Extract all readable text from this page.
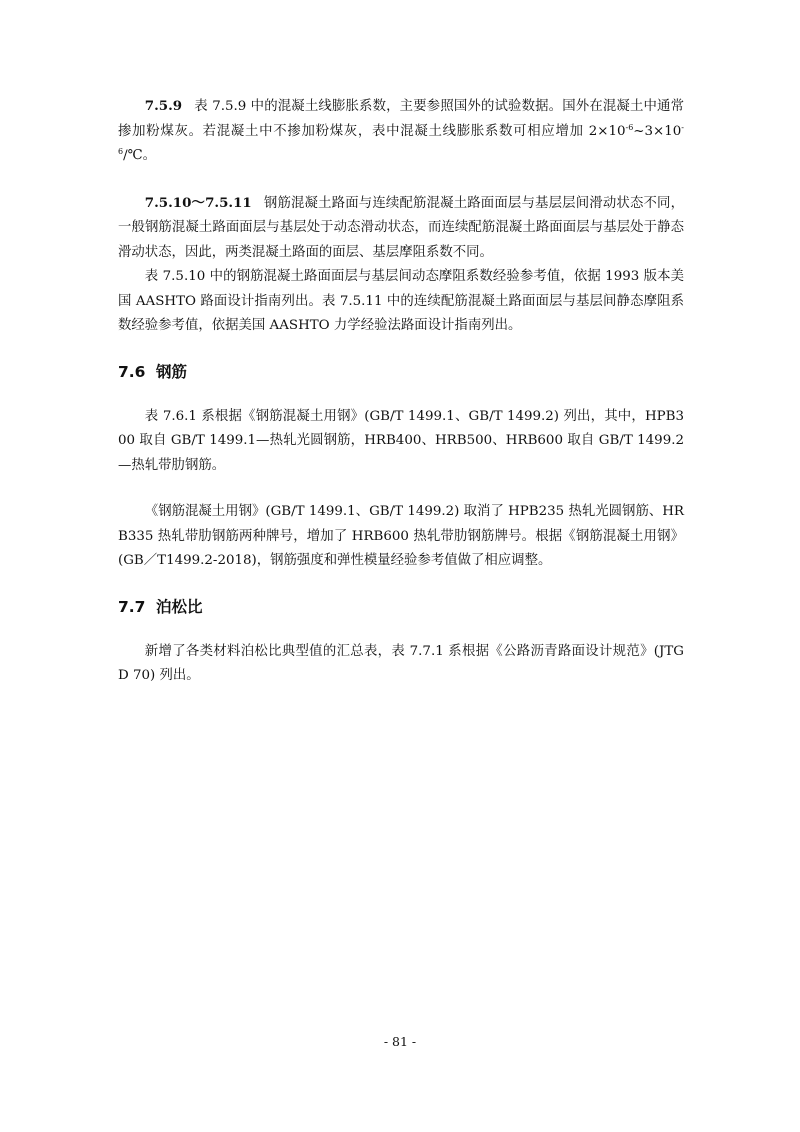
7.5.9 表 7.5.9 中的混凝土线膨胀系数，主要参照国外的试验数据。国外在混凝土中通常掺加粉煤灰。若混凝土中不掺加粉煤灰，表中混凝土线膨胀系数可相应增加 $2\times 10^{-6}\sim 3\times 10^{-6}/℃$。

7.5.10～7.5.11 钢筋混凝土路面与连续配筋混凝土路面面层与基层层间滑动状态不同，一般钢筋混凝土路面面层与基层处于动态滑动状态，而连续配筋混凝土路面面层与基层处于静态滑动状态，因此，两类混凝土路面的面层、基层摩阻系数不同。

表 7.5.10 中的钢筋混凝土路面面层与基层间动态摩阻系数经验参考值，依据 1993 版本美国 AASHTO 路面设计指南列出。表 7.5.11 中的连续配筋混凝土路面面层与基层间静态摩阻系数经验参考值，依据美国 AASHTO 力学经验法路面设计指南列出。

7.6 钢筋

表 7.6.1 系根据《钢筋混凝土用钢》(GB/T 1499.1、GB/T 1499.2) 列出，其中，HPB300 取自 GB/T 1499.1—热轧光圆钢筋，HRB400、HRB500、HRB600 取自 GB/T 1499.2—热轧带肋钢筋。

《钢筋混凝土用钢》(GB/T 1499.1、GB/T 1499.2) 取消了 HPB235 热轧光圆钢筋、HRB335 热轧带肋钢筋两种牌号，增加了 HRB600 热轧带肋钢筋牌号。根据《钢筋混凝土用钢》(GB／T1499.2-2018)，钢筋强度和弹性模量经验参考值做了相应调整。

7.7 泊松比

新增了各类材料泊松比典型值的汇总表，表 7.7.1 系根据《公路沥青路面设计规范》(JTG D 70) 列出。

- 81 -
